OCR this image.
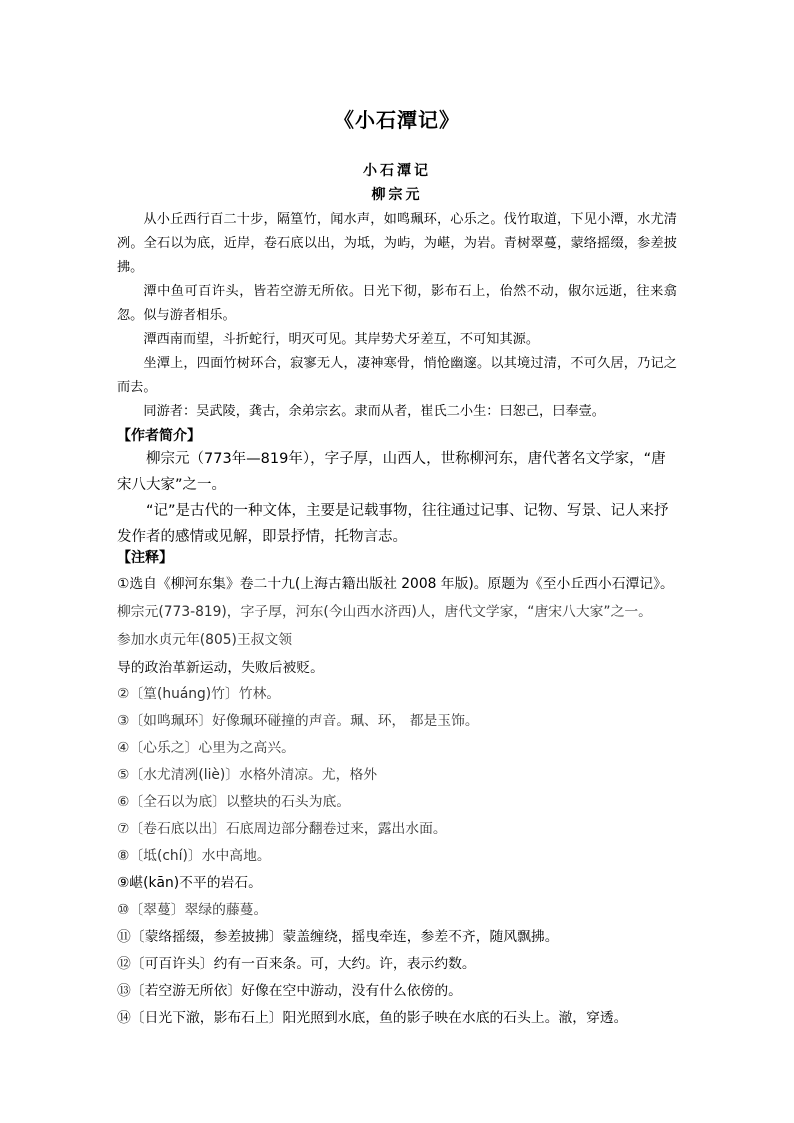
《小石潭记》
小石潭记
柳宗元

从小丘西行百二十步，隔篁竹，闻水声，如鸣珮环，心乐之。伐竹取道，下见小潭，水尤清冽。全石以为底，近岸，卷石底以出，为坻，为屿，为嵁，为岩。青树翠蔓，蒙络摇缀，参差披拂。

潭中鱼可百许头，皆若空游无所依。日光下彻，影布石上，佁然不动，俶尔远逝，往来翕忽。似与游者相乐。

潭西南而望，斗折蛇行，明灭可见。其岸势犬牙差互，不可知其源。

坐潭上，四面竹树环合，寂寥无人，凄神寒骨，悄怆幽邃。以其境过清，不可久居，乃记之而去。

同游者：吴武陵，龚古，余弟宗玄。隶而从者，崔氏二小生：曰恕己，曰奉壹。

【作者简介】

柳宗元（773年—819年），字子厚，山西人，世称柳河东，唐代著名文学家，“唐宋八大家”之一。

“记”是古代的一种文体，主要是记载事物，往往通过记事、记物、写景、记人来抒发作者的感情或见解，即景抒情，托物言志。

【注释】
①选自《柳河东集》卷二十九(上海古籍出版社 2008 年版)。原题为《至小丘西小石潭记》。
柳宗元(773-819)，字子厚，河东(今山西水济西)人，唐代文学家，“唐宋八大家”之一。
参加水贞元年(805)王叔文领
导的政治革新运动，失败后被贬。
②〔篁(huáng)竹〕竹林。
③〔如鸣珮环〕好像珮环碰撞的声音。珮、环， 都是玉饰。
④〔心乐之〕心里为之高兴。
⑤〔水尤清冽(liè)〕水格外清凉。尤，格外
⑥〔全石以为底〕以整块的石头为底。
⑦〔卷石底以出〕石底周边部分翻卷过来，露出水面。
⑧〔坻(chí)〕水中高地。
⑨嵁(kān)不平的岩石。
⑩〔翠蔓〕翠绿的藤蔓。
⑪〔蒙络摇缀，参差披拂〕蒙盖缠绕，摇曳牵连，参差不齐，随风飘拂。
⑫〔可百许头〕约有一百来条。可，大约。许，表示约数。
⑬〔若空游无所依〕好像在空中游动，没有什么依傍的。
⑭〔日光下澈，影布石上〕阳光照到水底，鱼的影子映在水底的石头上。澈，穿透。
